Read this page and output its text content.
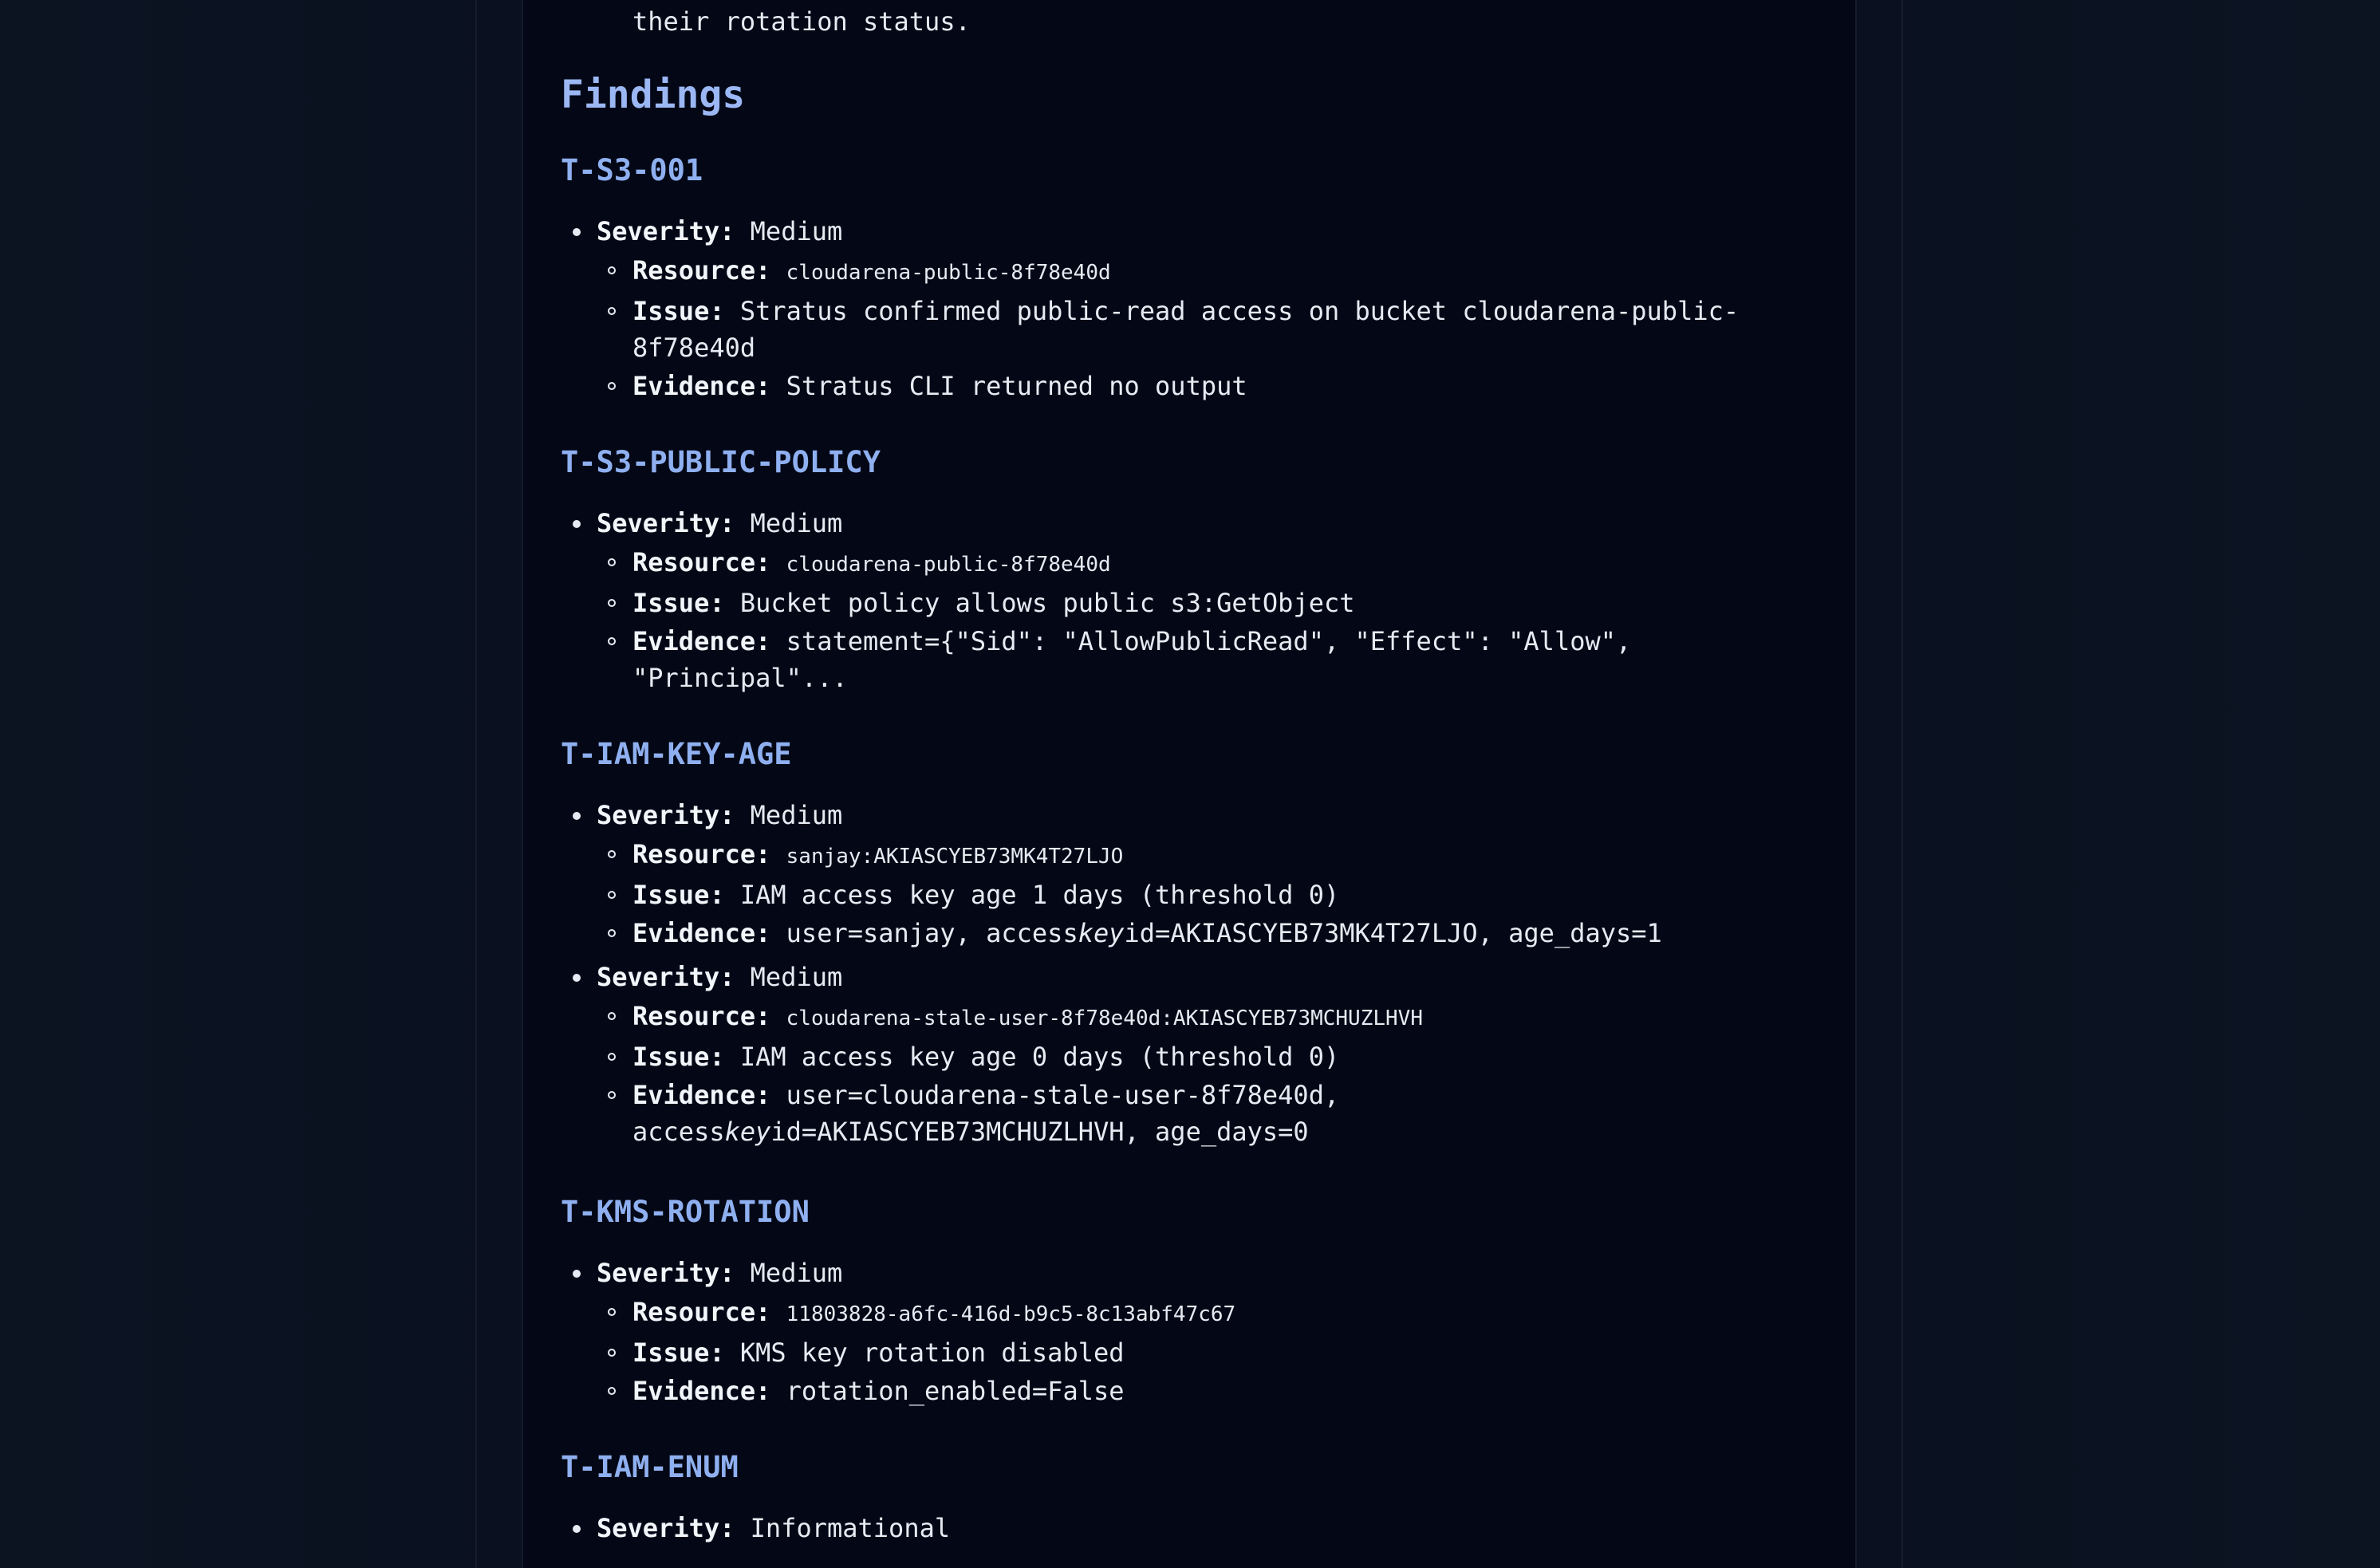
their rotation status.
Findings
T-S3-001
Severity: Medium
Resource: cloudarena-public-8f78e40d
Issue: Stratus confirmed public-read access on bucket cloudarena-public-
8f78e40d
Evidence: Stratus CLI returned no output
T-S3-PUBLIC-POLICY
Severity: Medium
Resource: cloudarena-public-8f78e40d
Issue: Bucket policy allows public s3:GetObject
Evidence: statement={"Sid": "AllowPublicRead", "Effect": "Allow",
"Principal"...
T-IAM-KEY-AGE
Severity: Medium
Resource: sanjay:AKIASCYEB73MK4T27LJO
Issue: IAM access key age 1 days (threshold 0)
Evidence: user=sanjay, accesskeyid=AKIASCYEB73MK4T27LJO, age_days=1
Severity: Medium
Resource: cloudarena-stale-user-8f78e40d:AKIASCYEB73MCHUZLHVH
Issue: IAM access key age 0 days (threshold 0)
Evidence: user=cloudarena-stale-user-8f78e40d,
accesskeyid=AKIASCYEB73MCHUZLHVH, age_days=0
T-KMS-ROTATION
Severity: Medium
Resource: 11803828-a6fc-416d-b9c5-8c13abf47c67
Issue: KMS key rotation disabled
Evidence: rotation_enabled=False
T-IAM-ENUM
Severity: Informational
